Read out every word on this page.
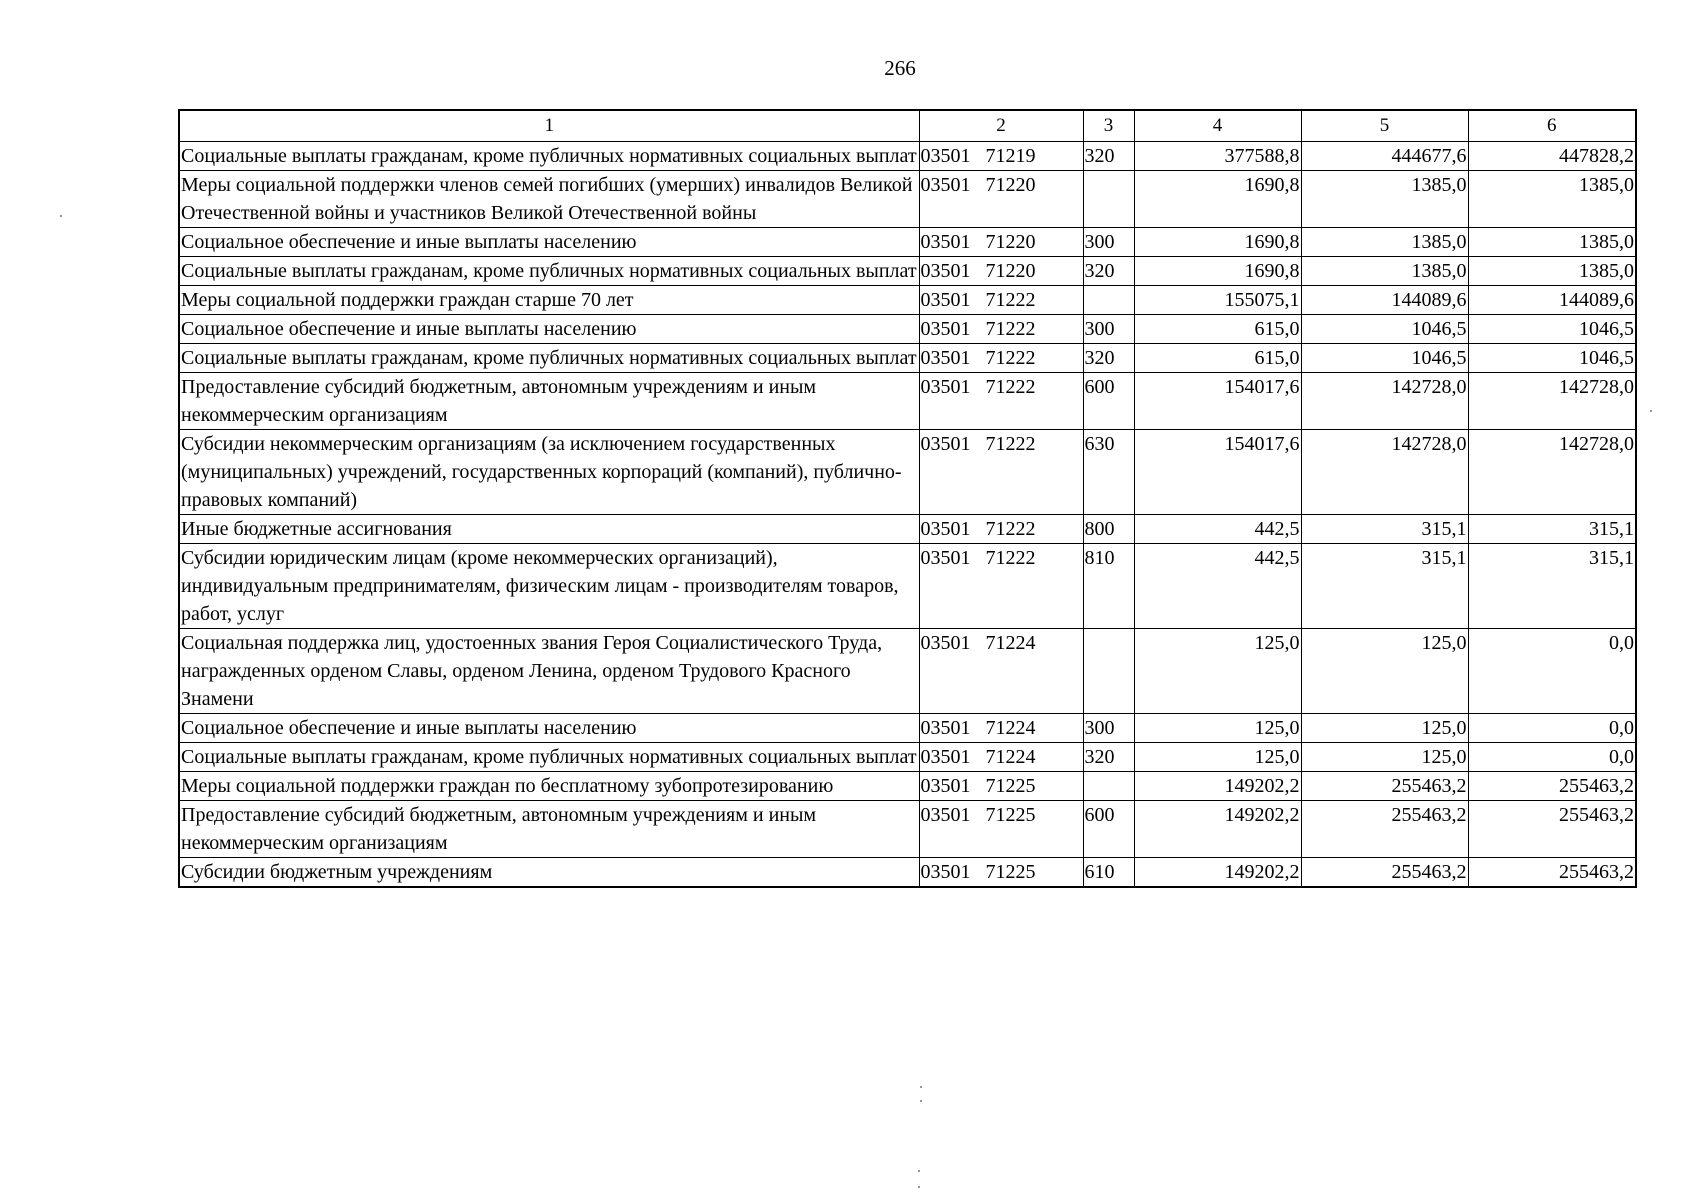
266
1	2	3	4	5	6
Социальные выплаты гражданам, кроме публичных нормативных социальных выплат	03501   71219	320	377588,8	444677,6	447828,2
Меры социальной поддержки членов семей погибших (умерших) инвалидов Великой Отечественной войны и участников Великой Отечественной войны	03501   71220		1690,8	1385,0	1385,0
Социальное обеспечение и иные выплаты населению	03501   71220	300	1690,8	1385,0	1385,0
Социальные выплаты гражданам, кроме публичных нормативных социальных выплат	03501   71220	320	1690,8	1385,0	1385,0
Меры социальной поддержки граждан старше 70 лет	03501   71222		155075,1	144089,6	144089,6
Социальное обеспечение и иные выплаты населению	03501   71222	300	615,0	1046,5	1046,5
Социальные выплаты гражданам, кроме публичных нормативных социальных выплат	03501   71222	320	615,0	1046,5	1046,5
Предоставление субсидий бюджетным, автономным учреждениям и иным некоммерческим организациям	03501   71222	600	154017,6	142728,0	142728,0
Субсидии некоммерческим организациям (за исключением государственных (муниципальных) учреждений, государственных корпораций (компаний), публично-правовых компаний)	03501   71222	630	154017,6	142728,0	142728,0
Иные бюджетные ассигнования	03501   71222	800	442,5	315,1	315,1
Субсидии юридическим лицам (кроме некоммерческих организаций), индивидуальным предпринимателям, физическим лицам - производителям товаров, работ, услуг	03501   71222	810	442,5	315,1	315,1
Социальная поддержка лиц, удостоенных звания Героя Социалистического Труда, награжденных орденом Славы, орденом Ленина, орденом Трудового Красного Знамени	03501   71224		125,0	125,0	0,0
Социальное обеспечение и иные выплаты населению	03501   71224	300	125,0	125,0	0,0
Социальные выплаты гражданам, кроме публичных нормативных социальных выплат	03501   71224	320	125,0	125,0	0,0
Меры социальной поддержки граждан по бесплатному зубопротезированию	03501   71225		149202,2	255463,2	255463,2
Предоставление субсидий бюджетным, автономным учреждениям и иным некоммерческим организациям	03501   71225	600	149202,2	255463,2	255463,2
Субсидии бюджетным учреждениям	03501   71225	610	149202,2	255463,2	255463,2
